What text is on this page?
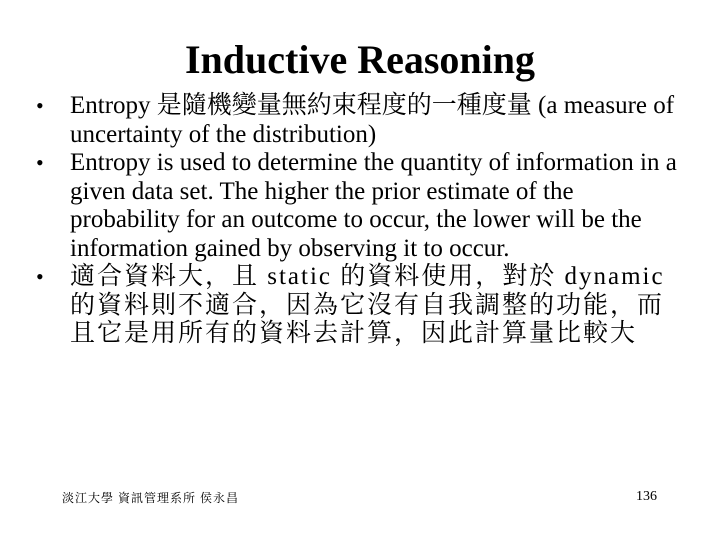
Inductive Reasoning
•	Entropy 是隨機變量無約束程度的一種度量 (a measure of uncertainty of the distribution)
•	Entropy is used to determine the quantity of information in a given data set. The higher the prior estimate of the probability for an outcome to occur, the lower will be the information gained by observing it to occur.
• 適合資料大，且 static 的資料使用，對於 dynamic 的資料則不適合，因為它沒有自我調整的功能，而且它是用所有的資料去計算，因此計算量比較大
淡江大學 資訊管理系所 侯永昌	136
